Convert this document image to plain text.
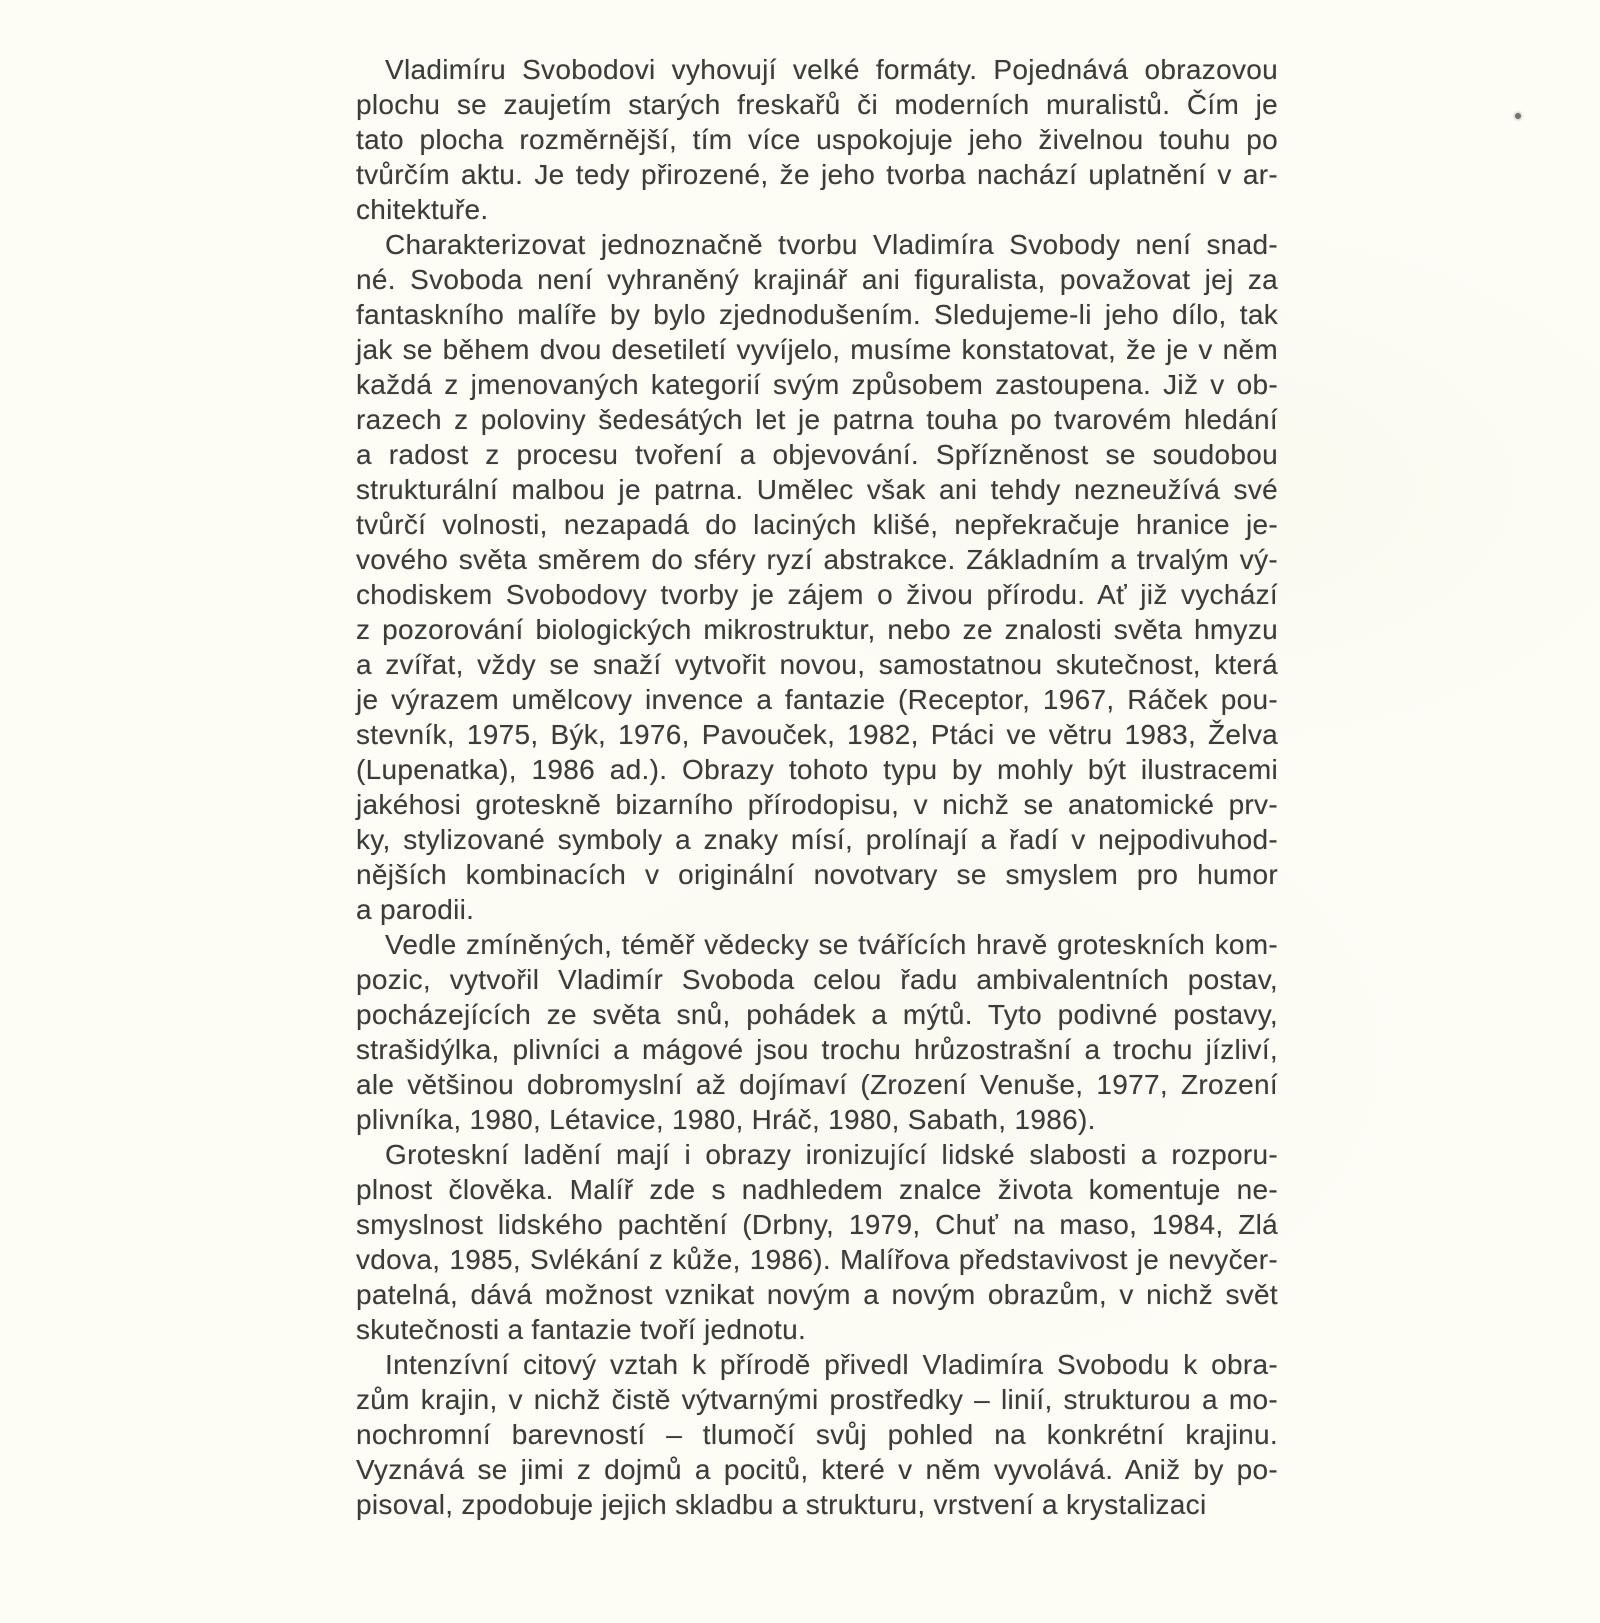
Vladimíru Svobodovi vyhovují velké formáty. Pojednává obrazovou
plochu se zaujetím starých freskařů či moderních muralistů. Čím je
tato plocha rozměrnější, tím více uspokojuje jeho živelnou touhu po
tvůrčím aktu. Je tedy přirozené, že jeho tvorba nachází uplatnění v ar-
chitektuře.
Charakterizovat jednoznačně tvorbu Vladimíra Svobody není snad-
né. Svoboda není vyhraněný krajinář ani figuralista, považovat jej za
fantaskního malíře by bylo zjednodušením. Sledujeme-li jeho dílo, tak
jak se během dvou desetiletí vyvíjelo, musíme konstatovat, že je v něm
každá z jmenovaných kategorií svým způsobem zastoupena. Již v ob-
razech z poloviny šedesátých let je patrna touha po tvarovém hledání
a radost z procesu tvoření a objevování. Spřízněnost se soudobou
strukturální malbou je patrna. Umělec však ani tehdy nezneužívá své
tvůrčí volnosti, nezapadá do laciných klišé, nepřekračuje hranice je-
vového světa směrem do sféry ryzí abstrakce. Základním a trvalým vý-
chodiskem Svobodovy tvorby je zájem o živou přírodu. Ať již vychází
z pozorování biologických mikrostruktur, nebo ze znalosti světa hmyzu
a zvířat, vždy se snaží vytvořit novou, samostatnou skutečnost, která
je výrazem umělcovy invence a fantazie (Receptor, 1967, Ráček pou-
stevník, 1975, Býk, 1976, Pavouček, 1982, Ptáci ve větru 1983, Želva
(Lupenatka), 1986 ad.). Obrazy tohoto typu by mohly být ilustracemi
jakéhosi groteskně bizarního přírodopisu, v nichž se anatomické prv-
ky, stylizované symboly a znaky mísí, prolínají a řadí v nejpodivuhod-
nějších kombinacích v originální novotvary se smyslem pro humor
a parodii.
Vedle zmíněných, téměř vědecky se tvářících hravě groteskních kom-
pozic, vytvořil Vladimír Svoboda celou řadu ambivalentních postav,
pocházejících ze světa snů, pohádek a mýtů. Tyto podivné postavy,
strašidýlka, plivníci a mágové jsou trochu hrůzostrašní a trochu jízliví,
ale většinou dobromyslní až dojímaví (Zrození Venuše, 1977, Zrození
plivníka, 1980, Létavice, 1980, Hráč, 1980, Sabath, 1986).
Groteskní ladění mají i obrazy ironizující lidské slabosti a rozporu-
plnost člověka. Malíř zde s nadhledem znalce života komentuje ne-
smyslnost lidského pachtění (Drbny, 1979, Chuť na maso, 1984, Zlá
vdova, 1985, Svlékání z kůže, 1986). Malířova představivost je nevyčer-
patelná, dává možnost vznikat novým a novým obrazům, v nichž svět
skutečnosti a fantazie tvoří jednotu.
Intenzívní citový vztah k přírodě přivedl Vladimíra Svobodu k obra-
zům krajin, v nichž čistě výtvarnými prostředky – linií, strukturou a mo-
nochromní barevností – tlumočí svůj pohled na konkrétní krajinu.
Vyznává se jimi z dojmů a pocitů, které v něm vyvolává. Aniž by po-
pisoval, zpodobuje jejich skladbu a strukturu, vrstvení a krystalizaci
